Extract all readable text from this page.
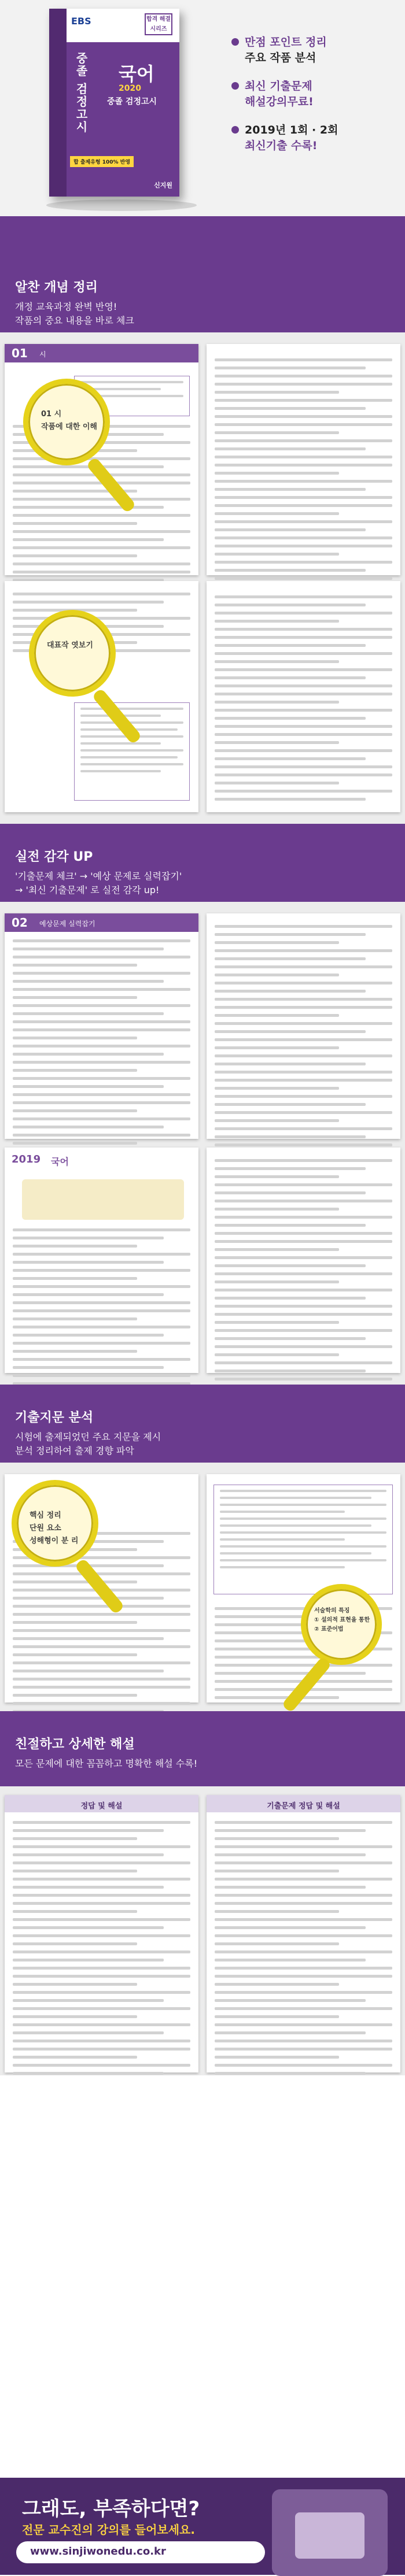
EBS	합격 해결 시리즈
중졸 검정고시 국어
2020
중졸 검정고시
합 출제유형 100% 반영
신지원
만점 포인트 정리
주요 작품 분석
최신 기출문제
해설강의무료!
2019년 1회 · 2회
최신기출 수록!
알찬 개념 정리

개정 교육과정 완벽 반영!

작품의 중요 내용을 바로 체크

01 시
01 시
작품에 대한 이해
대표작 엿보기
실전 감각 UP

'기출문제 체크' → '예상 문제로 실력잡기'

→ '최신 기출문제' 로 실전 감각 up!

02 예상문제 실력잡기
2019 국어
기출지문 분석

시험에 출제되었던 주요 지문을 제시

분석 정리하여 출제 경향 파악

핵심 정리
단원 요소
성해형이 분 리
서술학의 특징
① 설의적 표현을 통한
② 표준어법
친절하고 상세한 해설

모든 문제에 대한 꼼꼼하고 명확한 해설 수록!

정답 및 해설	기출문제 정답 및 해설
그래도, 부족하다면?
전문 교수진의 강의를 들어보세요.
www.sinjiwonedu.co.kr
